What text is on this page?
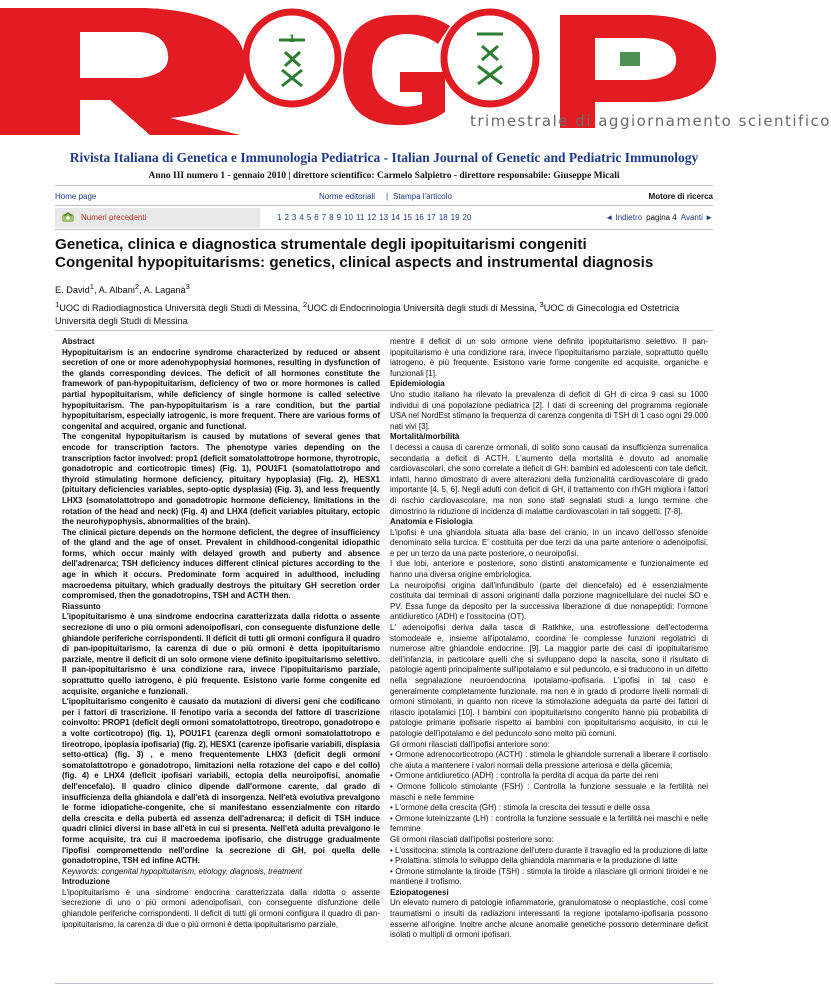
1
trimestrale di aggiornamento scientifico
Rivista Italiana di Genetica e Immunologia Pediatrica - Italian Journal of Genetic and Pediatric Immunology
Anno III numero 1 - gennaio 2010 | direttore scientifico: Carmelo Salpietro - direttore responsabile: Giuseppe Micali
Home page	Norme editoriali | Stampa l'articolo	Motore di ricerca
Numeri precedenti	1 2 3 4 5 6 7 8 9 10 11 12 13 14 15 16 17 18 19 20	◄ Indietro pagina 4 Avanti ►
Genetica, clinica e diagnostica strumentale degli ipopituitarismi congeniti
Congenital hypopituitarisms: genetics, clinical aspects and instrumental diagnosis
E. David$^1$, A. Albani$^2$, A. Laganà$^3$
$^1$UOC di Radiodiagnostica Università degli Studi di Messina, $^2$UOC di Endocrinologia Università degli studi di Messina, $^3$UOC di Ginecologia ed Ostetricia Università degli Studi di Messina

Abstract

Hypopituitarism is an endocrine syndrome characterized by reduced or absent secretion of one or more adenohypophysial hormones, resulting in dysfunction of the glands corresponding devices. The deficit of all hormones constitute the framework of pan-hypopituitarism, deficiency of two or more hormones is called partial hypopituitarism, while deficiency of single hormone is called selective hypopituitarism. The pan-hypopituitarism is a rare condition, but the partial hypopituitarism, especially iatrogenic, is more frequent. There are various forms of congenital and acquired, organic and functional.

The congenital hypopituitarism is caused by mutations of several genes that encode for transcription factors. The phenotype varies depending on the transcription factor involved: prop1 (deficit somatolattotrope hormone, thyrotropic, gonadotropic and corticotropic times) (Fig. 1), POU1F1 (somatolattotropo and thyroid stimulating hormone deficiency, pituitary hypoplasia) (Fig. 2), HESX1 (pituitary deficiencies variables, septo-optic dysplasia) (Fig. 3), and less frequently LHX3 (somatolattotropo and gonadotropic hormone deficiency, limitations in the rotation of the head and neck) (Fig. 4) and LHX4 (deficit variables pituitary, ectopic the neurohypophysis, abnormalities of the brain).

The clinical picture depends on the hormone deficient, the degree of insufficiency of the gland and the age of onset. Prevalent in childhood-congenital idiopathic forms, which occur mainly with delayed growth and puberty and absence dell'adrenarca; TSH deficiency induces different clinical pictures according to the age in which it occurs. Predominate form acquired in adulthood, including macroedema pituitary, which gradually destroys the pituitary GH secretion order compromised, then the gonadotropins, TSH and ACTH then.

Riassunto

L'ipopituitarismo è una sindrome endocrina caratterizzata dalla ridotta o assente secrezione di uno o più ormoni adenoipofisari, con conseguente disfunzione delle ghiandole periferiche corrispondenti. Il deficit di tutti gli ormoni configura il quadro di pan-ipopituitarismo, la carenza di due o più ormoni è detta ipopituitarismo parziale, mentre il deficit di un solo ormone viene definito ipopituitarismo selettivo. Il pan-ipopituitarismo è una condizione rara, invece l'ipopituitarismo parziale, soprattutto quello iatrogeno, è più frequente. Esistono varie forme congenite ed acquisite, organiche e funzionali.

L'ipopituitarismo congenito è causato da mutazioni di diversi geni che codificano per i fattori di trascrizione. Il fenotipo varia a seconda del fattore di trascrizione coinvolto: PROP1 (deficit degli ormoni somatolattotropo, tireotropo, gonadotropo e a volte corticotropo) (fig. 1), POU1F1 (carenza degli ormoni somatolattotropo e tireotropo, ipoplasia ipofisaria) (fig. 2), HESX1 (carenze ipofisarie variabili, displasia setto-ottica) (fig. 3) , e meno frequentemente LHX3 (deficit degli ormoni somatolattotropo e gonadotropo, limitazioni nella rotazione del capo e del collo) (fig. 4) e LHX4 (deficit ipofisari variabili, ectopia della neuroipofisi, anomalie dell'encefalo). Il quadro clinico dipende dall'ormone carente, dal grado di insufficienza della ghiandola e dall'età di insorgenza. Nell'età evolutiva prevalgono le forme idiopatiche-congenite, che si manifestano essenzialmente con ritardo della crescita e della pubertà ed assenza dell'adrenarca; il deficit di TSH induce quadri clinici diversi in base all'età in cui si presenta. Nell'età adulta prevalgono le forme acquisite, tra cui il macroedema ipofisario, che distrugge gradualmente l'ipofisi compromettendo nell'ordine la secrezione di GH, poi quella delle gonadotropine, TSH ed infine ACTH.

Keywords: congenital hypopituitarism, etiology, diagnosis, treatment

Introduzione

L'ipopituitarismo è una sindrome endocrina caratterizzata dalla ridotta o assente secrezione di uno o più ormoni adenoipofisari, con conseguente disfunzione delle ghiandole periferiche corrispondenti. Il deficit di tutti gli ormoni configura il quadro di pan-ipopituitarismo, la carenza di due o più ormoni è detta ipopituitarismo parziale,

mentre il deficit di un solo ormone viene definito ipopituitarismo selettivo. Il pan-ipopituitarismo è una condizione rara, invece l'ipopituitarismo parziale, soprattutto quello iatrogeno, è più frequente. Esistono varie forme congenite ed acquisite, organiche e funzionali [1].

Epidemiologia

Uno studio italiano ha rilevato la prevalenza di deficit di GH di circa 9 casi su 1000 individui di una popolazione pediatrica [2]. I dati di screening del programma regionale USA nel NordEst stimano la frequenza di carenza congenita di TSH di 1 caso ogni 29.000 nati vivi [3].

Mortalità/morbilità

I decessi a causa di carenze ormonali, di solito sono causati da insufficienza surrenalica secondaria a deficit di ACTH. L'aumento della mortalità è dovuto ad anomalie cardiovascolari, che sono correlate a deficit di GH: bambini ed adolescenti con tale deficit, infatti, hanno dimostrato di avere alterazioni della funzionalità cardiovascolare di grado importante [4, 5, 6]. Negli adulti con deficit di GH, il trattamento con rhGH migliora i fattori di rischio cardiovascolare, ma non sono stati segnalati studi a lungo termine che dimostrino la riduzione di incidenza di malattie cardiovascolari in tali soggetti. [7-8].

Anatomia e Fisiologia

L'ipofisi è una ghiandola situata alla base del cranio, in un incavo dell'osso sfenoide denominato sella turcica. E' costituita per due terzi da una parte anteriore o adenoipofisi, e per un terzo da una parte posteriore, o neuroipofisi.

I due lobi, anteriore e posteriore, sono distinti anatomicamente e funzionalmente ed hanno una diversa origine embriologica.

La neuroipofisi origina dall'infundibulo (parte del diencefalo) ed è essenzialmente costituita dai terminali di assoni originanti dalla porzione magnicellulare dei nuclei SO e PV. Essa funge da deposito per la successiva liberazione di due nonapeptidi: l'ormone antidiuretico (ADH) e l'ossitocina (OT).

L' adenoipofisi deriva dalla tasca di Ratkhke, una estroflessione dell'ectoderma stomodeale e, insieme all'ipotalamo, coordina le complesse funzioni regolatrici di numerose altre ghiandole endocrine. [9]. La maggior parte dei casi di ipopituitarismo dell'infanzia, in particolare quelli che si sviluppano dopo la nascita, sono il risultato di patologie agenti principalmente sull'ipotalamo e sul peduncolo, e si traducono in un difetto nella segnalazione neuroendocrina ipotalamo-ipofisaria. L'ipofisi in tal caso è generalmente completamente funzionale, ma non è in grado di produrre livelli normali di ormoni stimolanti, in quanto non riceve la stimolazione adeguata da parte dei fattori di rilascio ipotalamici [10]. I bambini con ipopituitarismo congenito hanno più probabilità di patologie primarie ipofisarie rispetto ai bambini con ipopituitarismo acquisito, in cui le patologie dell'ipotalamo e del peduncolo sono molto più comuni.

Gli ormoni rilasciati dall'ipofisi anteriore sono:

• Ormone adrenocorticotropo (ACTH) : stimola le ghiandole surrenali a liberare il cortisolo che aiuta a mantenere i valori normali della pressione arteriosa e della glicemia;

• Ormone antidiuretico (ADH) : controlla la perdita di acqua da parte dei reni

• Ormone follicolo stimolante (FSH) : Controlla la funzione sessuale e la fertilità nei maschi e nelle femmine

• L'ormone della crescita (GH) : stimola la crescita dei tessuti e delle ossa

• Ormone luteinizzante (LH) : controlla la funzione sessuale e la fertilità nei maschi e nelle femmine

Gli ormoni rilasciati dall'ipofisi posteriore sono:

• L'ossitocina: stimola la contrazione dell'utero durante il travaglio ed la produzione di latte

• Prolattina: stimola lo sviluppo della ghiandola mammaria e la produzione di latte

• Ormone stimolante la tiroide (TSH) : stimola la tiroide a rilasciare gli ormoni tiroidei e ne mantiene il trofismo.

Eziopatogenesi

Un elevato numero di patologie infiammatorie, granulomatose o neoplastiche, così come traumatismi o insulti da radiazioni interessanti la regione ipotalamo-ipofisaria possono esserne all'origine. Inoltre anche alcune anomalie genetiche possono determinare deficit isolati o multipli di ormoni ipofisari.
